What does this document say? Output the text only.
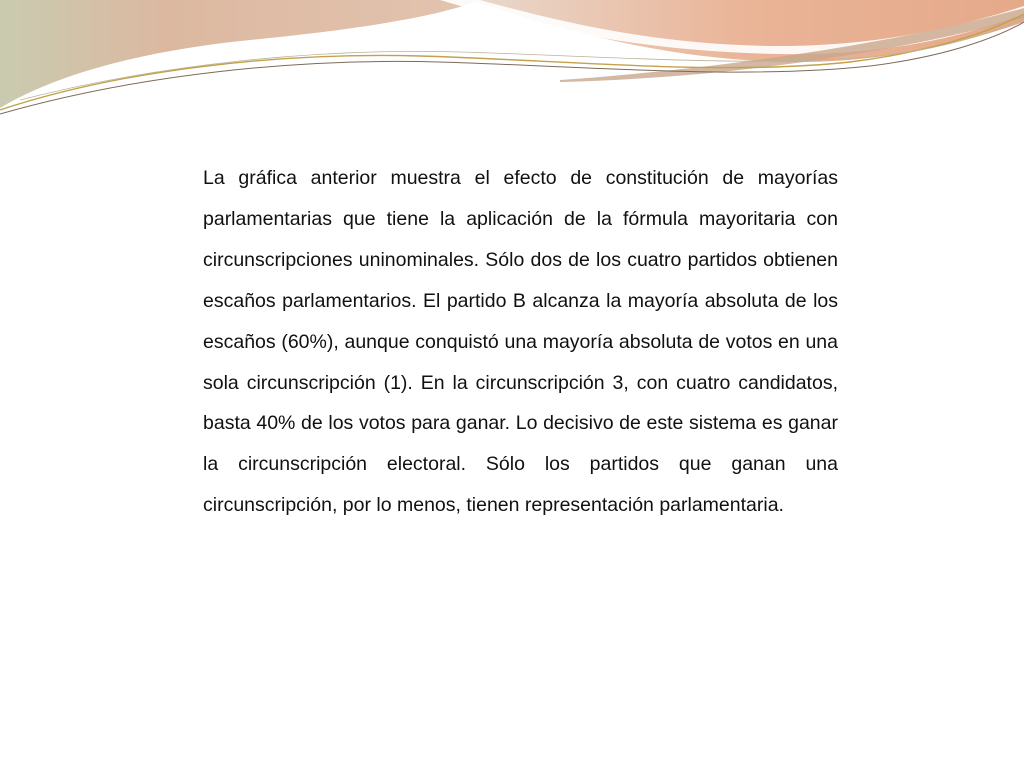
La gráfica anterior muestra el efecto de constitución de mayorías parlamentarias que tiene la aplicación de la fórmula mayoritaria con circunscripciones uninominales. Sólo dos de los cuatro partidos obtienen escaños parlamentarios. El partido B alcanza la mayoría absoluta de los escaños (60%), aunque conquistó una mayoría absoluta de votos en una sola circunscripción (1). En la circunscripción 3, con cuatro candidatos, basta 40% de los votos para ganar. Lo decisivo de este sistema es ganar la circunscripción electoral. Sólo los partidos que ganan una circunscripción, por lo menos, tienen representación parlamentaria.
